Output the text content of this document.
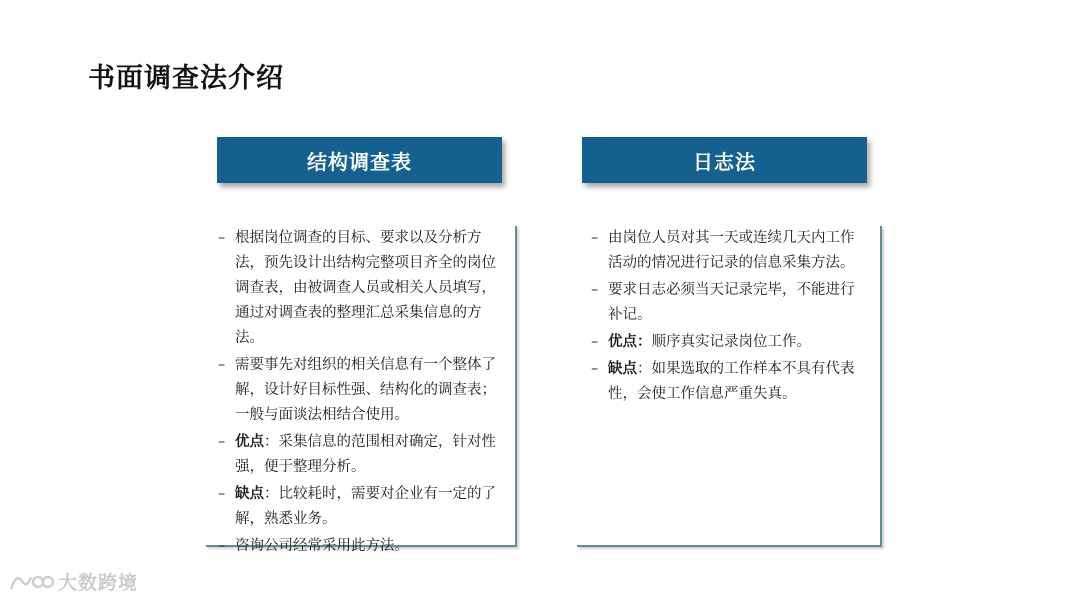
书面调查法介绍
结构调查表	日志法
– 根据岗位调查的目标、要求以及分析方法，预先设计出结构完整项目齐全的岗位调查表，由被调查人员或相关人员填写，通过对调查表的整理汇总采集信息的方法。
– 需要事先对组织的相关信息有一个整体了解，设计好目标性强、结构化的调查表；一般与面谈法相结合使用。
– 优点：采集信息的范围相对确定，针对性强，便于整理分析。
– 缺点：比较耗时，需要对企业有一定的了解，熟悉业务。
– 咨询公司经常采用此方法。
– 由岗位人员对其一天或连续几天内工作活动的情况进行记录的信息采集方法。
– 要求日志必须当天记录完毕，不能进行补记。
– 优点：顺序真实记录岗位工作。
– 缺点：如果选取的工作样本不具有代表性，会使工作信息严重失真。
大数跨境
